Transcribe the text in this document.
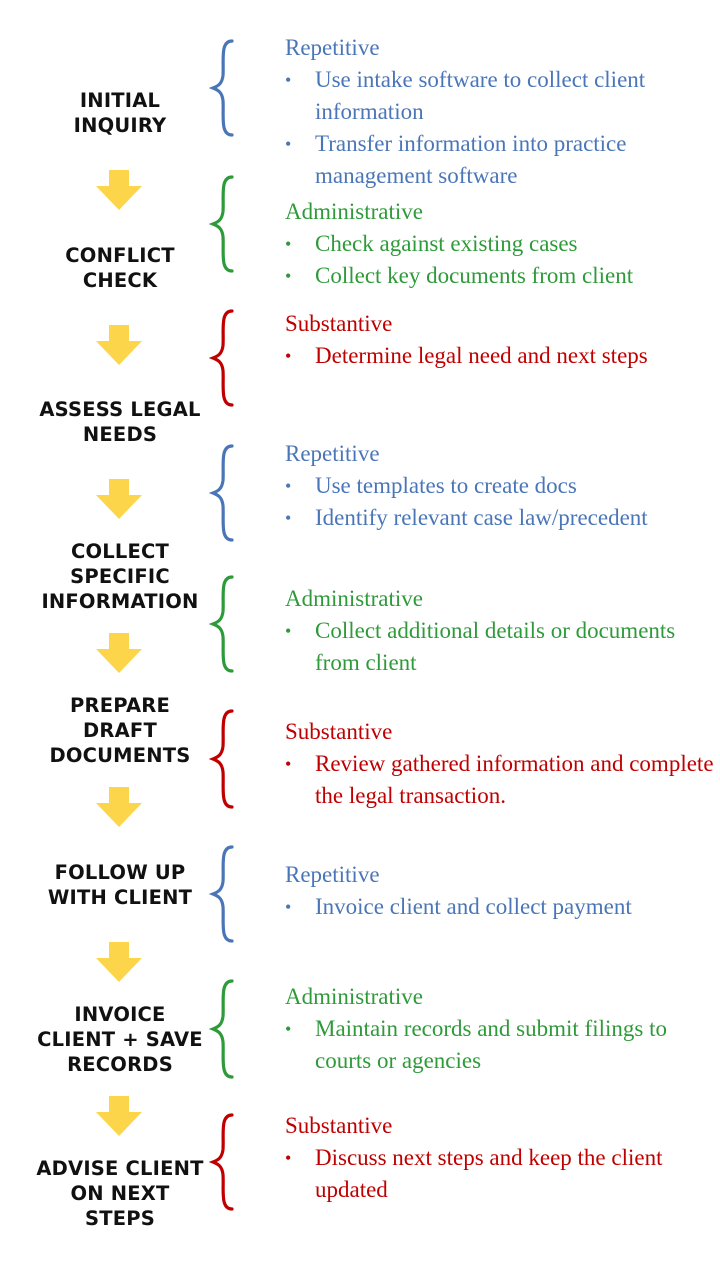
INITIAL
INQUIRY
CONFLICT
CHECK
ASSESS LEGAL
NEEDS
COLLECT
SPECIFIC
INFORMATION
PREPARE
DRAFT
DOCUMENTS
FOLLOW UP
WITH CLIENT
INVOICE
CLIENT + SAVE
RECORDS
ADVISE CLIENT
ON NEXT
STEPS

Repetitive

• Use intake software to collect client information
• Transfer information into practice management software

Administrative

• Check against existing cases
• Collect key documents from client

Substantive

• Determine legal need and next steps

Repetitive

• Use templates to create docs
• Identify relevant case law/precedent

Administrative

• Collect additional details or documents from client

Substantive

• Review gathered information and complete the legal transaction.

Repetitive

• Invoice client and collect payment

Administrative

• Maintain records and submit filings to courts or agencies

Substantive

• Discuss next steps and keep the client updated
